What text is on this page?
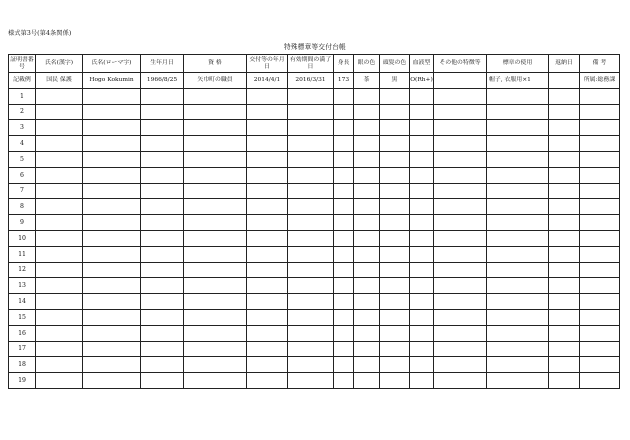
様式第3号(第4条関係)
特殊標章等交付台帳
証明書番号	氏名(漢字)	氏名(ローマ字)	生年月日	資 格	交付等の年月日	有効期間の満了日	身長	眼の色	頭髪の色	血液型	その他の特徴等	標章の使用	返納日	備 考
記載例	国民 保護	Hogo Kokumin	1966/8/25	矢巾町の職員	2014/4/1	2016/3/31	173	茶	黒	O(Rh+)		帽子, 衣服用×1		所属:総務課
1														
2														
3														
4														
5														
6														
7														
8														
9														
10														
11														
12														
13														
14														
15														
16														
17														
18														
19														
